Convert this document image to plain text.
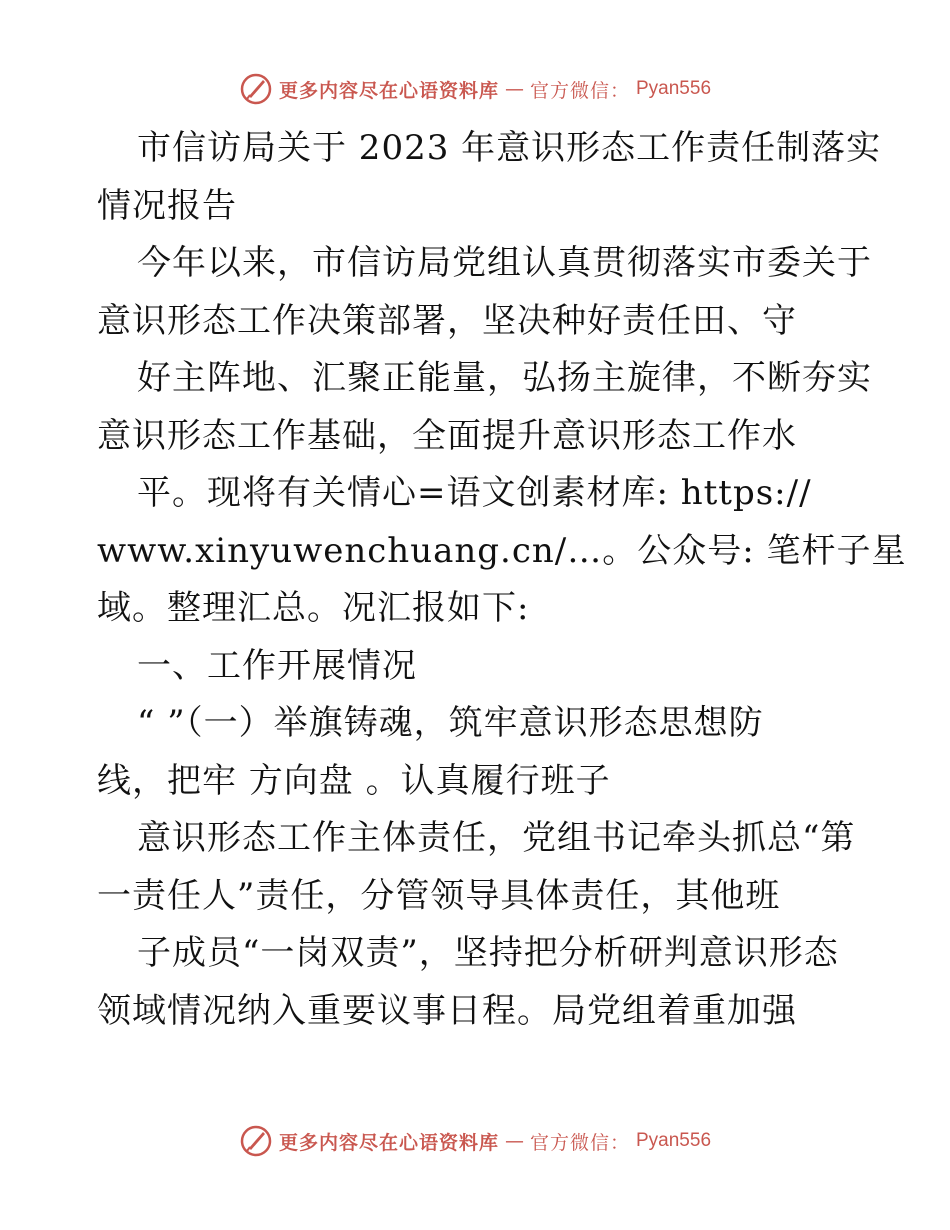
更多内容尽在心语资料库 — 官方微信： Pyan556
市信访局关于 2023 年意识形态工作责任制落实
情况报告
今年以来，市信访局党组认真贯彻落实市委关于
意识形态工作决策部署，坚决种好责任田、守
好主阵地、汇聚正能量，弘扬主旋律，不断夯实
意识形态工作基础，全面提升意识形态工作水
平。现将有关情心=语文创素材库: https://
www.xinyuwenchuang.cn/…。公众号: 笔杆子星
域。整理汇总。况汇报如下:
一、工作开展情况
“ ”（一）举旗铸魂，筑牢意识形态思想防
线，把牢 方向盘 。认真履行班子
意识形态工作主体责任，党组书记牵头抓总“第
一责任人”责任，分管领导具体责任，其他班
子成员“一岗双责”，坚持把分析研判意识形态
领域情况纳入重要议事日程。局党组着重加强
更多内容尽在心语资料库 — 官方微信： Pyan556
